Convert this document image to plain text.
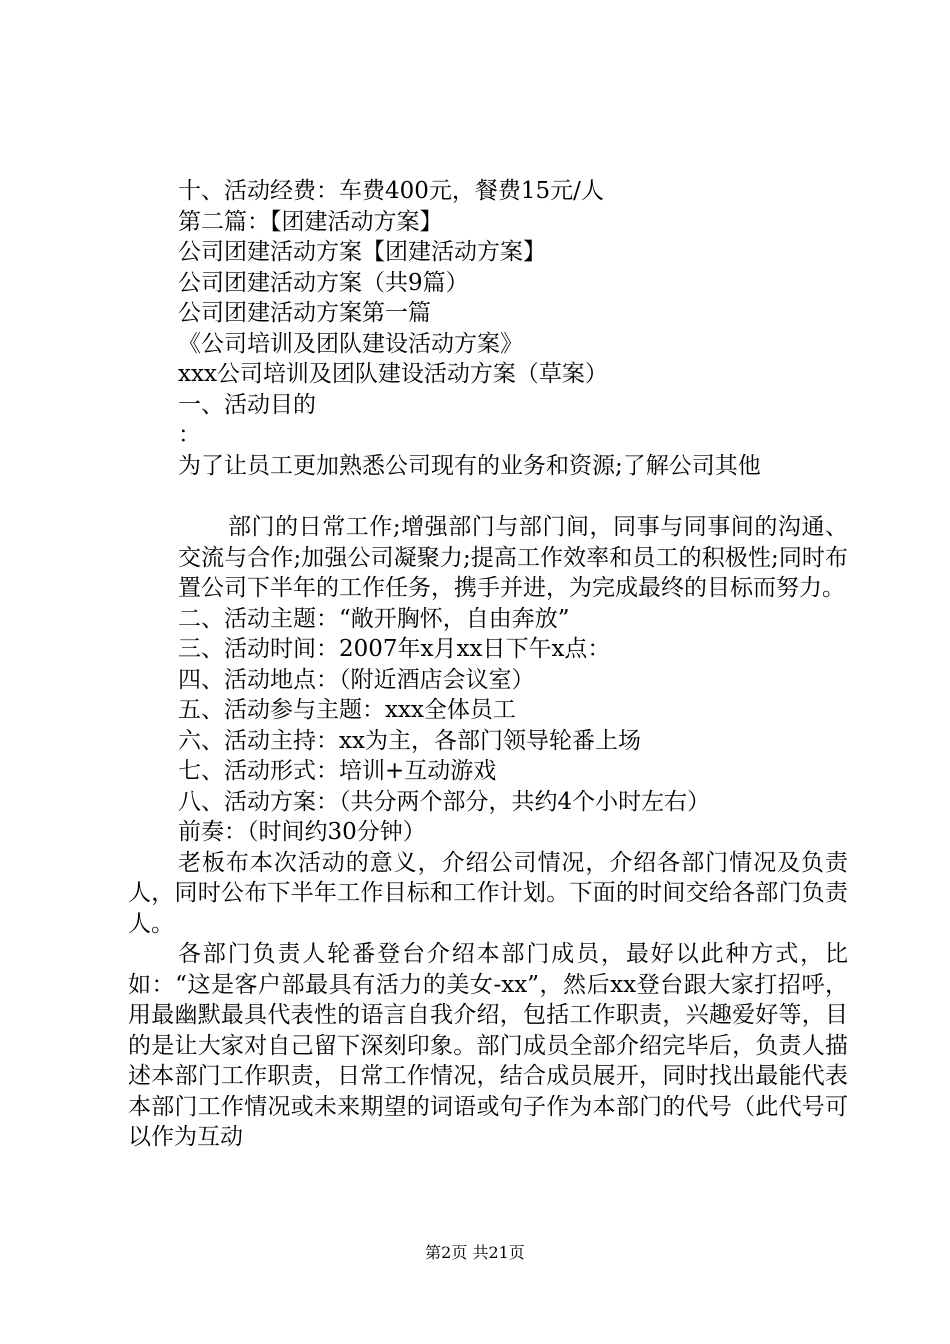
十、活动经费：车费400元，餐费15元/人
第二篇：【团建活动方案】
公司团建活动方案【团建活动方案】
公司团建活动方案（共9篇）
公司团建活动方案第一篇
《公司培训及团队建设活动方案》
xxx公司培训及团队建设活动方案（草案）
一、活动目的
：
为了让员工更加熟悉公司现有的业务和资源;了解公司其他
部门的日常工作;增强部门与部门间，同事与同事间的沟通、交流与合作;加强公司凝聚力;提高工作效率和员工的积极性;同时布置公司下半年的工作任务，携手并进，为完成最终的目标而努力。
二、活动主题：“敞开胸怀，自由奔放”
三、活动时间：2007年x月xx日下午x点：
四、活动地点：（附近酒店会议室）
五、活动参与主题：xxx全体员工
六、活动主持：xx为主，各部门领导轮番上场
七、活动形式：培训+互动游戏
八、活动方案：（共分两个部分，共约4个小时左右）
前奏：（时间约30分钟）
老板布本次活动的意义，介绍公司情况，介绍各部门情况及负责人，同时公布下半年工作目标和工作计划。下面的时间交给各部门负责人。
各部门负责人轮番登台介绍本部门成员，最好以此种方式，比如：“这是客户部最具有活力的美女-xx”，然后xx登台跟大家打招呼，用最幽默最具代表性的语言自我介绍，包括工作职责，兴趣爱好等，目的是让大家对自己留下深刻印象。部门成员全部介绍完毕后，负责人描述本部门工作职责，日常工作情况，结合成员展开，同时找出最能代表本部门工作情况或未来期望的词语或句子作为本部门的代号（此代号可以作为互动
第2页 共21页
